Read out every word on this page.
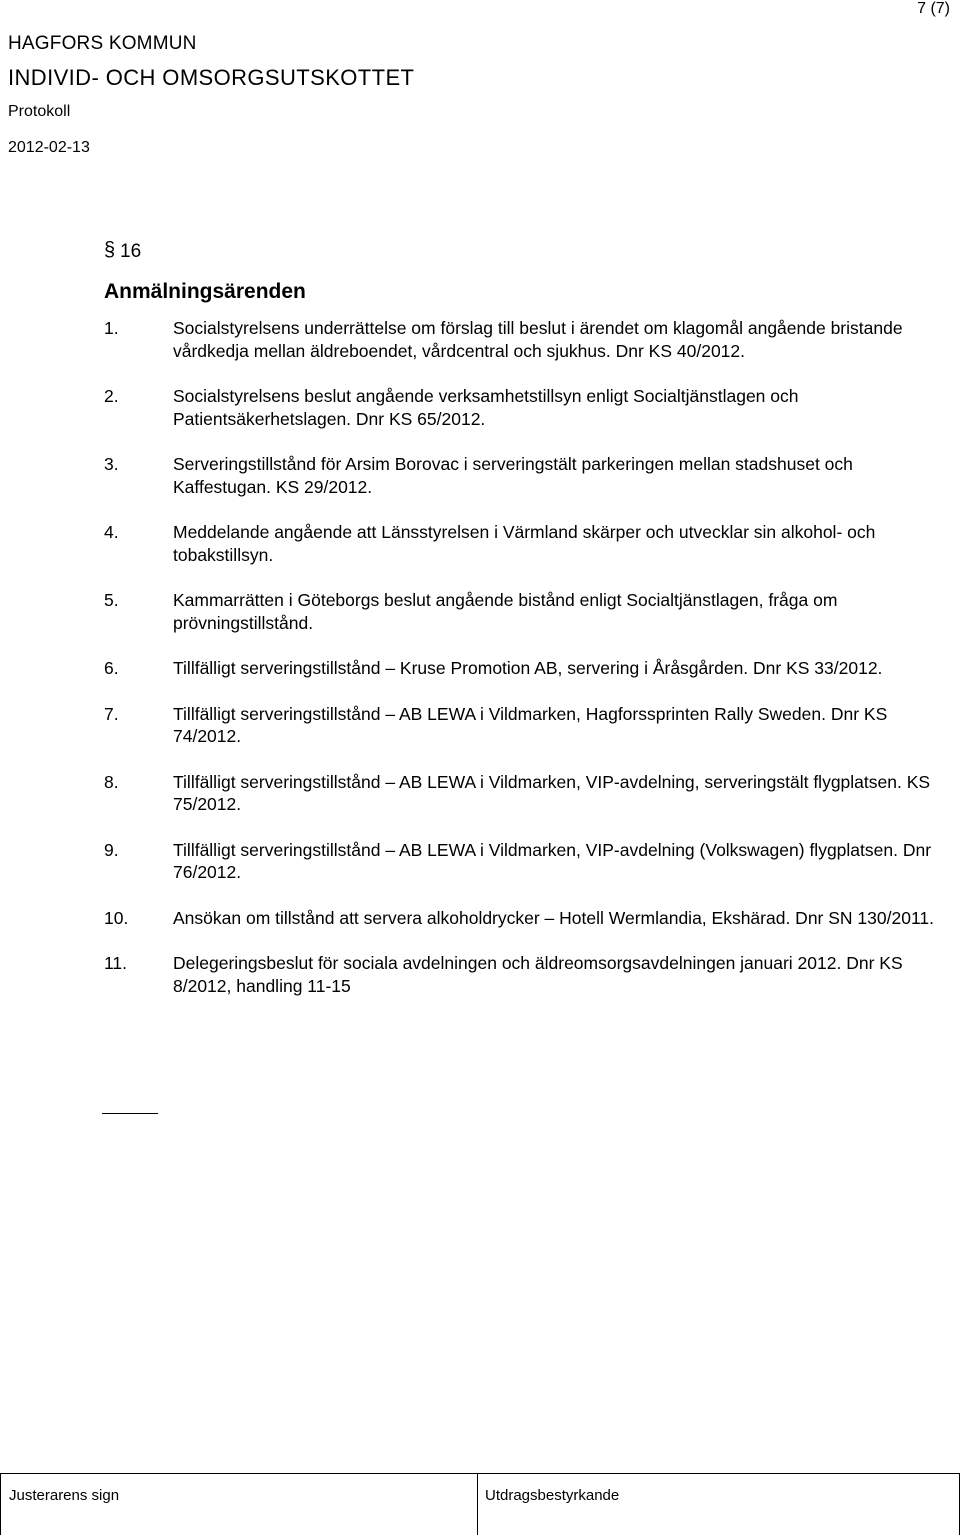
7 (7)
HAGFORS KOMMUN
INDIVID- OCH OMSORGSUTSKOTTET
Protokoll
2012-02-13
§ 16
Anmälningsärenden
1.	Socialstyrelsens underrättelse om förslag till beslut i ärendet om klagomål angående bristande vårdkedja mellan äldreboendet, vårdcentral och sjukhus. Dnr KS 40/2012.
2.	Socialstyrelsens beslut angående verksamhetstillsyn enligt Socialtjänstlagen och Patientsäkerhetslagen. Dnr KS 65/2012.
3.	Serveringstillstånd för Arsim Borovac i serveringstält parkeringen mellan stadshuset och Kaffestugan. KS 29/2012.
4.	Meddelande angående att Länsstyrelsen i Värmland skärper och utvecklar sin alkohol- och tobakstillsyn.
5.	Kammarrätten i Göteborgs beslut angående bistånd enligt Socialtjänstlagen, fråga om prövningstillstånd.
6.	Tillfälligt serveringstillstånd – Kruse Promotion AB, servering i Åråsgården. Dnr KS 33/2012.
7.	Tillfälligt serveringstillstånd – AB LEWA i Vildmarken, Hagforssprinten Rally Sweden. Dnr KS 74/2012.
8.	Tillfälligt serveringstillstånd – AB LEWA i Vildmarken, VIP-avdelning, serveringstält flygplatsen. KS 75/2012.
9.	Tillfälligt serveringstillstånd – AB LEWA i Vildmarken, VIP-avdelning (Volkswagen) flygplatsen. Dnr 76/2012.
10.	Ansökan om tillstånd att servera alkoholdrycker – Hotell Wermlandia, Ekshärad. Dnr SN 130/2011.
11.	Delegeringsbeslut för sociala avdelningen och äldreomsorgsavdelningen januari 2012. Dnr KS 8/2012, handling 11-15
Justerarens sign	Utdragsbestyrkande
